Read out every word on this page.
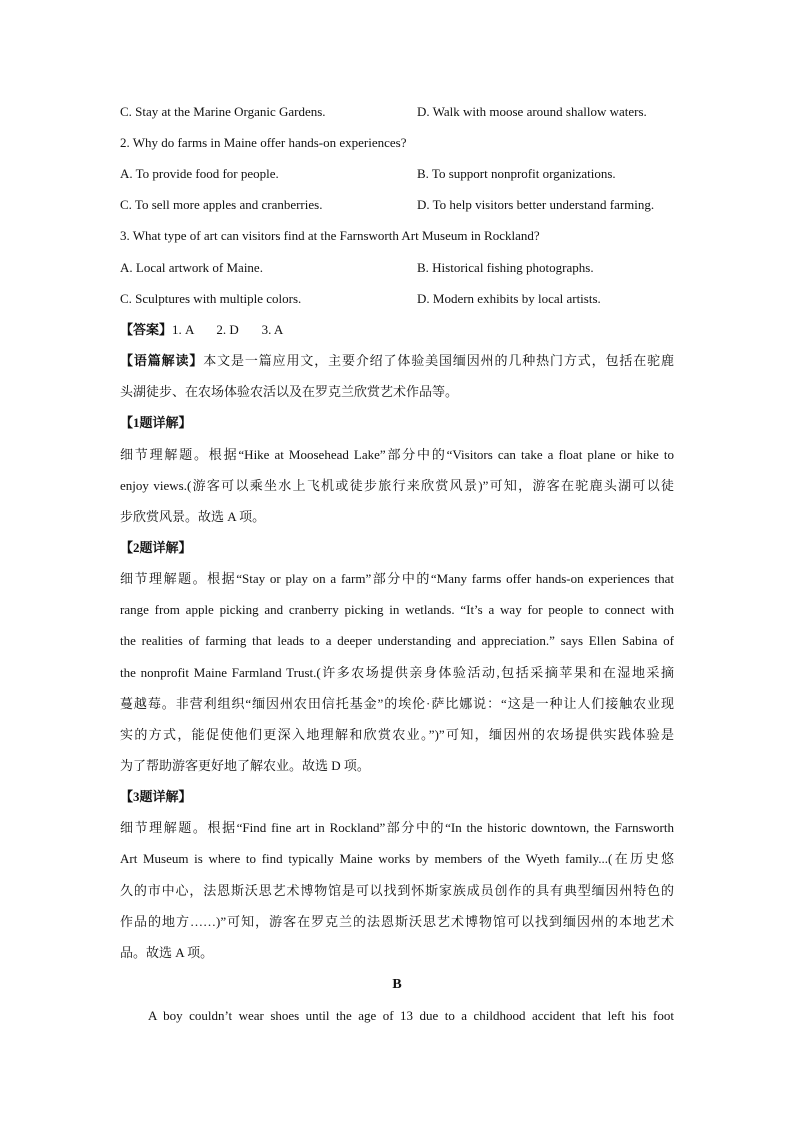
C. Stay at the Marine Organic Gardens.	D. Walk with moose around shallow waters.
2. Why do farms in Maine offer hands-on experiences?
A. To provide food for people.	B. To support nonprofit organizations.
C. To sell more apples and cranberries.	D. To help visitors better understand farming.
3. What type of art can visitors find at the Farnsworth Art Museum in Rockland?
A. Local artwork of Maine.	B. Historical fishing photographs.
C. Sculptures with multiple colors.	D. Modern exhibits by local artists.
【答案】1. A       2. D       3. A
【语篇解读】本文是一篇应用文，主要介绍了体验美国缅因州的几种热门方式，包括在驼鹿
头湖徒步、在农场体验农活以及在罗克兰欣赏艺术作品等。
【1题详解】
细节理解题。根据“Hike at Moosehead Lake”部分中的“Visitors can take a float plane or hike to
enjoy views.(游客可以乘坐水上飞机或徒步旅行来欣赏风景)”可知，游客在驼鹿头湖可以徒
步欣赏风景。故选 A 项。
【2题详解】
细节理解题。根据“Stay or play on a farm”部分中的“Many farms offer hands-on experiences that
range from apple picking and cranberry picking in wetlands. “It’s a way for people to connect with
the realities of farming that leads to a deeper understanding and appreciation.” says Ellen Sabina of
the nonprofit Maine Farmland Trust.(许多农场提供亲身体验活动,包括采摘苹果和在湿地采摘
蔓越莓。非营利组织“缅因州农田信托基金”的埃伦·萨比娜说：“这是一种让人们接触农业现
实的方式，能促使他们更深入地理解和欣赏农业。”)”可知，缅因州的农场提供实践体验是
为了帮助游客更好地了解农业。故选 D 项。
【3题详解】
细节理解题。根据“Find fine art in Rockland”部分中的“In the historic downtown, the Farnsworth
Art Museum is where to find typically Maine works by members of the Wyeth family...(在历史悠
久的市中心，法恩斯沃思艺术博物馆是可以找到怀斯家族成员创作的具有典型缅因州特色的
作品的地方……)”可知，游客在罗克兰的法恩斯沃思艺术博物馆可以找到缅因州的本地艺术
品。故选 A 项。
B
A boy couldn’t wear shoes until the age of 13 due to a childhood accident that left his foot
